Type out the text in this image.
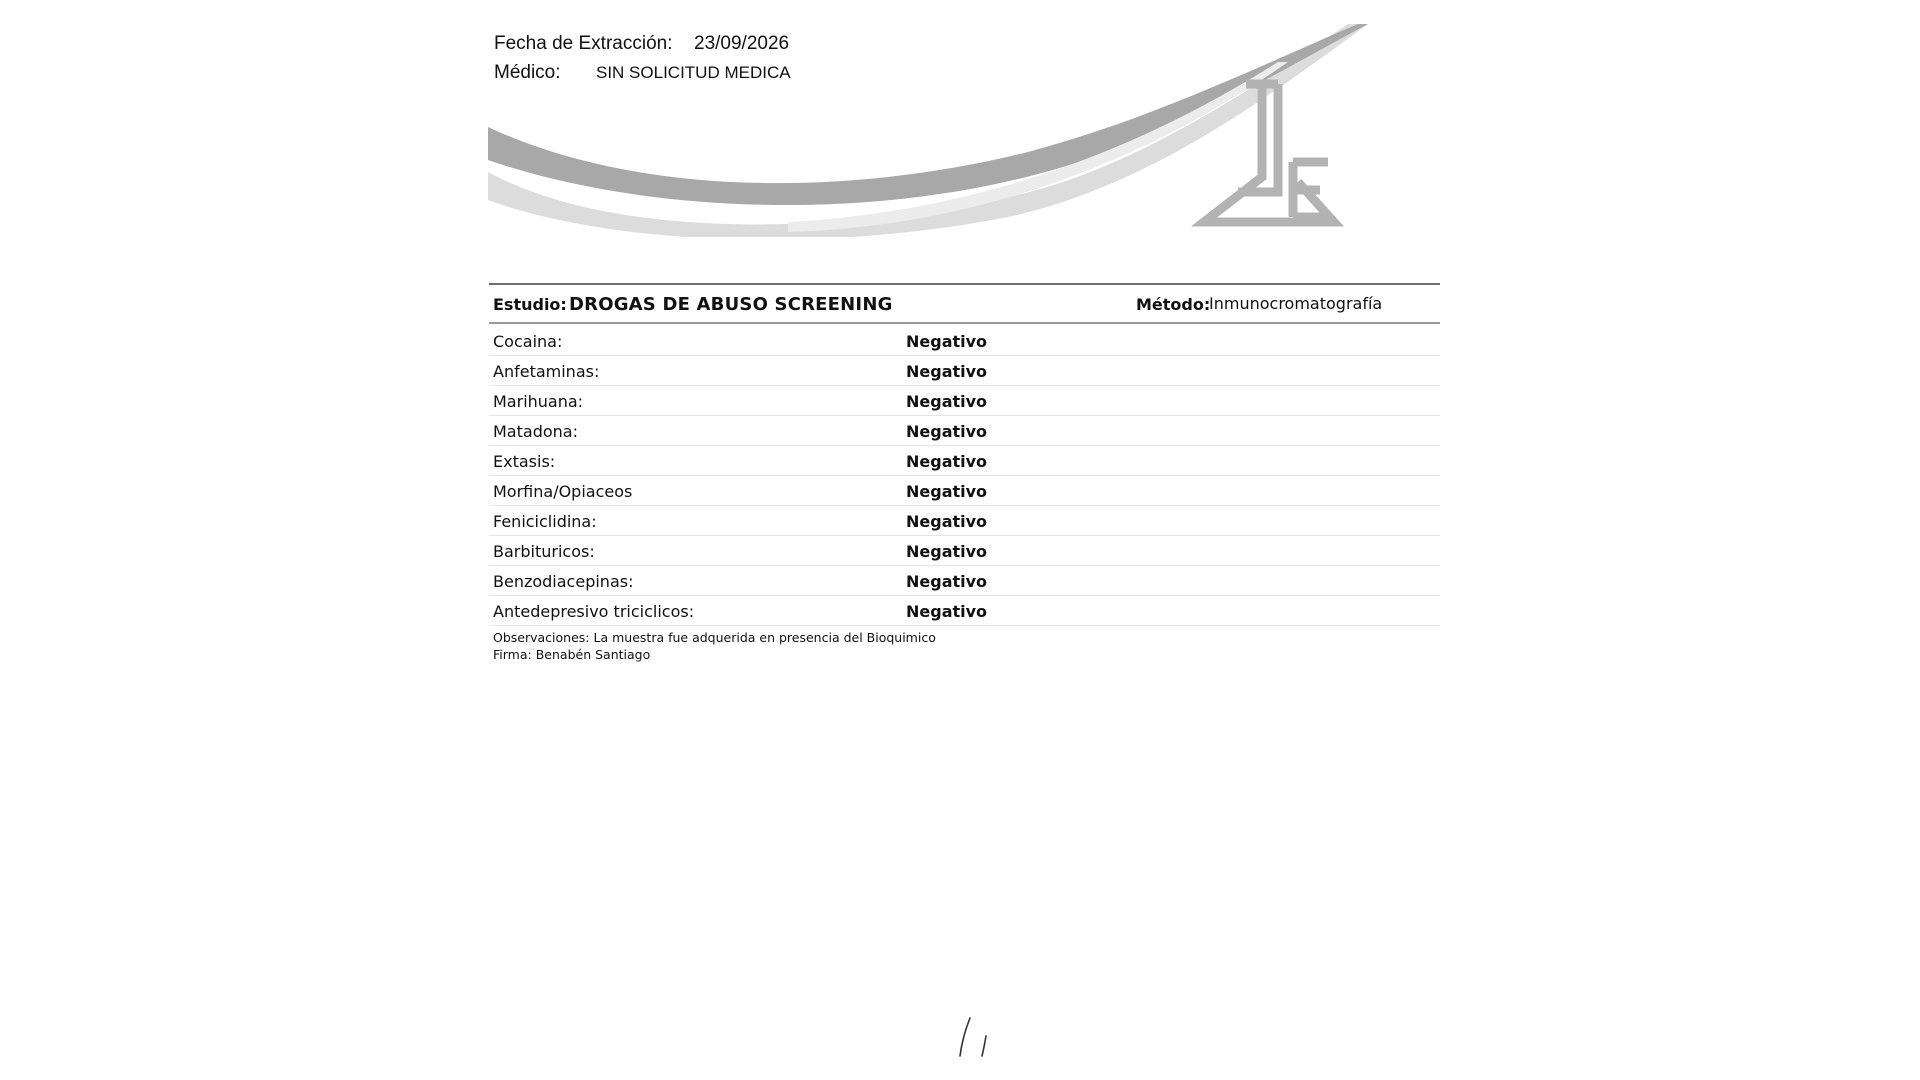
Fecha de Extracción: 23/09/2026
Médico: SIN SOLICITUD MEDICA
Estudio: DROGAS DE ABUSO SCREENING	Método:
Inmunocromatografía
Cocaina:	Negativo
Anfetaminas:	Negativo
Marihuana:	Negativo
Matadona:	Negativo
Extasis:	Negativo
Morfina/Opiaceos	Negativo
Feniciclidina:	Negativo
Barbituricos:	Negativo
Benzodiacepinas:	Negativo
Antedepresivo triciclicos:	Negativo
Observaciones: La muestra fue adquerida en presencia del Bioquimico
Firma: Benabén Santiago
